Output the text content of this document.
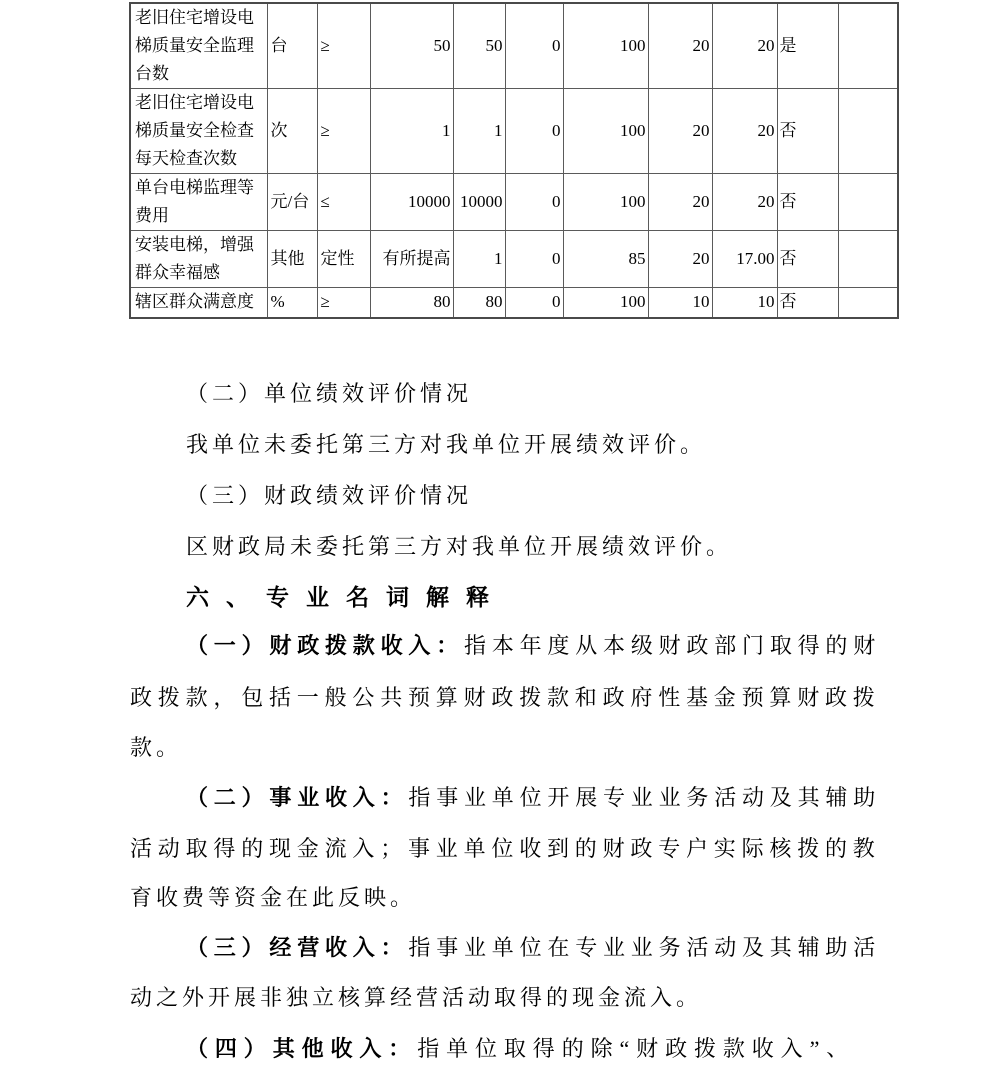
老旧住宅增设电梯质量安全监理台数	台	≥	50	50	0	100	20	20	是	
老旧住宅增设电梯质量安全检查每天检查次数	次	≥	1	1	0	100	20	20	否	
单台电梯监理等费用	元/台	≤	10000	10000	0	100	20	20	否	
安装电梯，增强群众幸福感	其他	定性	有所提高	1	0	85	20	17.00	否	
辖区群众满意度	%	≥	80	80	0	100	10	10	否	
（二）单位绩效评价情况
我单位未委托第三方对我单位开展绩效评价。
（三）财政绩效评价情况
区财政局未委托第三方对我单位开展绩效评价。
六、专业名词解释
（一）财政拨款收入：指本年度从本级财政部门取得的财
政拨款，包括一般公共预算财政拨款和政府性基金预算财政拨
款。
（二）事业收入：指事业单位开展专业业务活动及其辅助
活动取得的现金流入；事业单位收到的财政专户实际核拨的教
育收费等资金在此反映。
（三）经营收入：指事业单位在专业业务活动及其辅助活
动之外开展非独立核算经营活动取得的现金流入。
（四）其他收入：指单位取得的除“财政拨款收入”、
